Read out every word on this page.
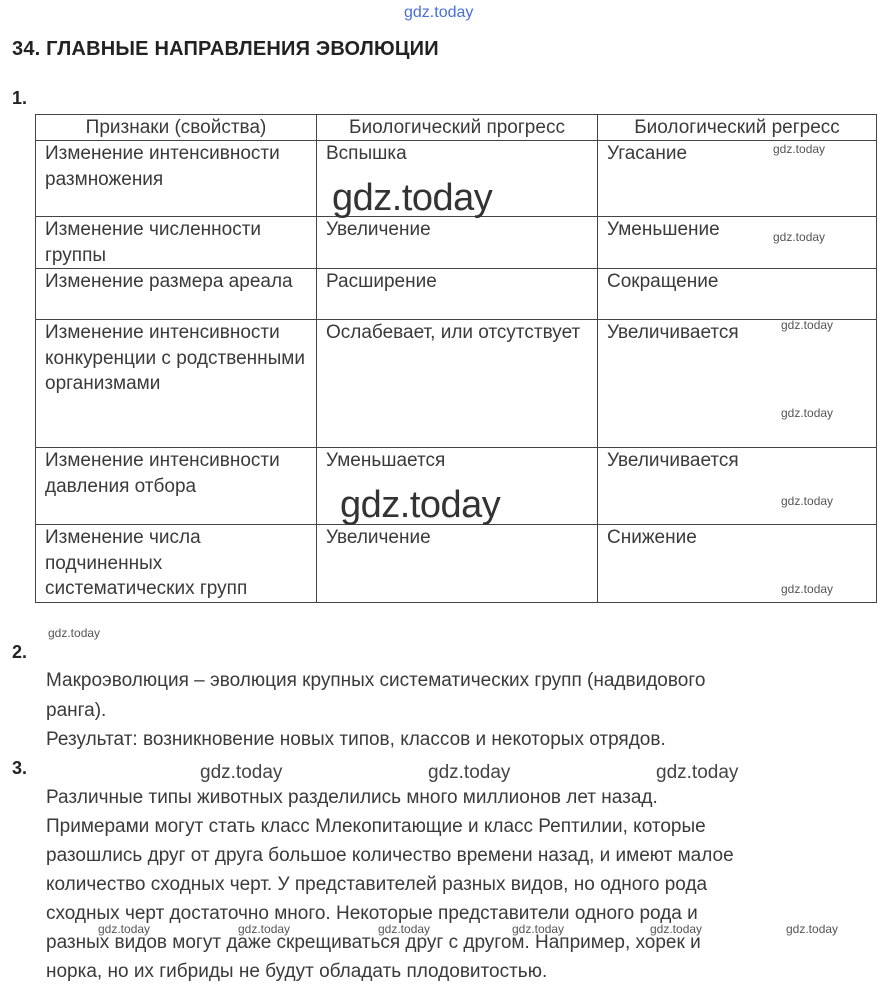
gdz.today
34. ГЛАВНЫЕ НАПРАВЛЕНИЯ ЭВОЛЮЦИИ
1.
Признаки (свойства)	Биологический прогресс	Биологический регресс
Изменение интенсивности размножения	Вспышка	Угасание
Изменение численности группы	Увеличение	Уменьшение
Изменение размера ареала	Расширение	Сокращение
Изменение интенсивности конкуренции с родственными организмами	Ослабевает, или отсутствует	Увеличивается
Изменение интенсивности давления отбора	Уменьшается	Увеличивается
Изменение числа подчиненных систематических групп	Увеличение	Снижение
gdz.today
gdz.today
gdz.today
gdz.today
gdz.today
gdz.today
gdz.today
gdz.today
gdz.today
2.
Макроэволюция – эволюция крупных систематических групп (надвидового
ранга).
Результат: возникновение новых типов, классов и некоторых отрядов.
3.	gdz.today	gdz.today	gdz.today
Различные типы животных разделились много миллионов лет назад.
Примерами могут стать класс Млекопитающие и класс Рептилии, которые
разошлись друг от друга большое количество времени назад, и имеют малое
количество сходных черт. У представителей разных видов, но одного рода
сходных черт достаточно много. Некоторые представители одного рода и
разных видов могут даже скрещиваться друг с другом. Например, хорек и
норка, но их гибриды не будут обладать плодовитостью.
gdz.today	gdz.today	gdz.today	gdz.today	gdz.today	gdz.today
